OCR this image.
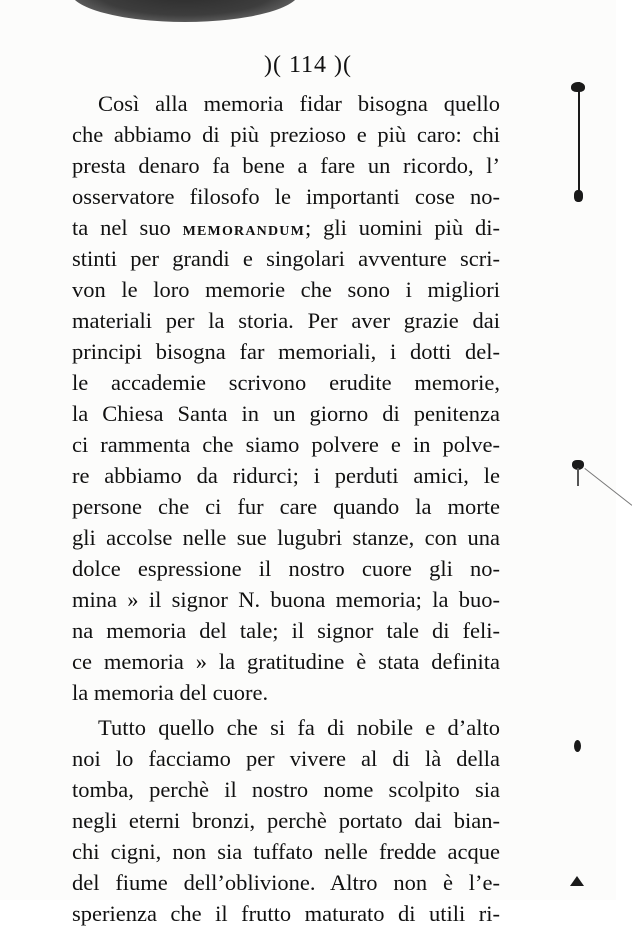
)( 114 )(
Così alla memoria fidar bisogna quello
che abbiamo di più prezioso e più caro: chi
presta denaro fa bene a fare un ricordo, l’
osservatore filosofo le importanti cose no-
ta nel suo MEMORANDUM; gli uomini più di-
stinti per grandi e singolari avventure scri-
von le loro memorie che sono i migliori
materiali per la storia. Per aver grazie dai
principi bisogna far memoriali, i dotti del-
le accademie scrivono erudite memorie,
la Chiesa Santa in un giorno di penitenza
ci rammenta che siamo polvere e in polve-
re abbiamo da ridurci; i perduti amici, le
persone che ci fur care quando la morte
gli accolse nelle sue lugubri stanze, con una
dolce espressione il nostro cuore gli no-
mina » il signor N. buona memoria; la buo-
na memoria del tale; il signor tale di feli-
ce memoria » la gratitudine è stata definita
la memoria del cuore.
Tutto quello che si fa di nobile e d’alto
noi lo facciamo per vivere al di là della
tomba, perchè il nostro nome scolpito sia
negli eterni bronzi, perchè portato dai bian-
chi cigni, non sia tuffato nelle fredde acque
del fiume dell’oblivione. Altro non è l’e-
sperienza che il frutto maturato di utili ri-
